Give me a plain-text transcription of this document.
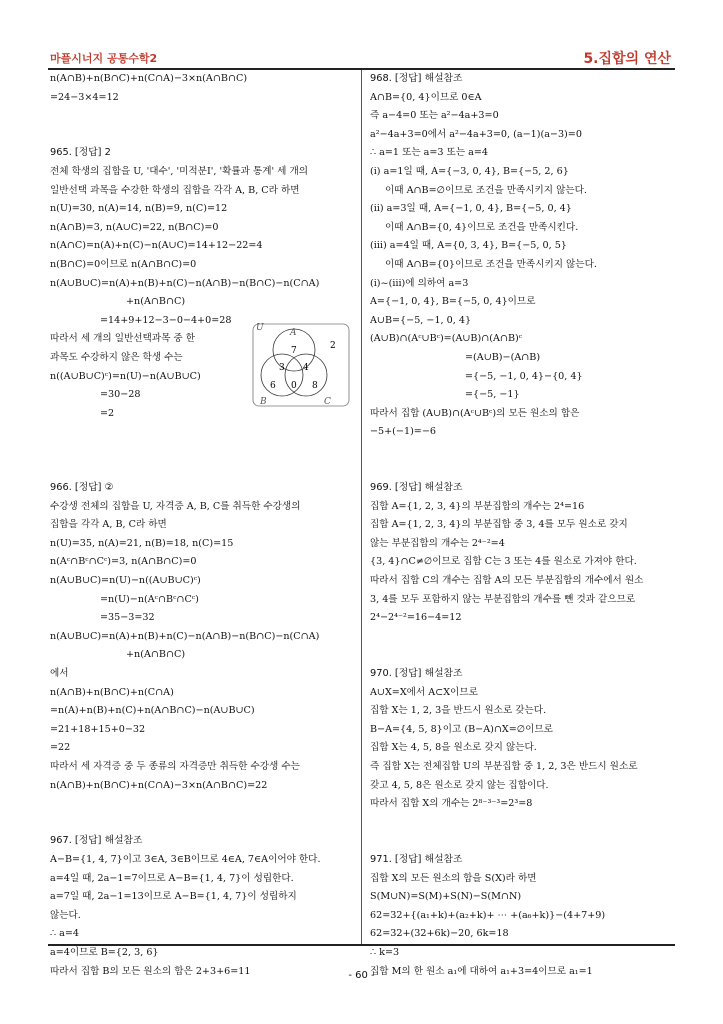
마플시너지 공통수학2	5.집합의 연산
n(A∩B)+n(B∩C)+n(C∩A)−3×n(A∩B∩C)
=24−3×4=12
965. [정답] 2
전체 학생의 집합을 U, '대수', '미적분Ⅰ', '확률과 통계' 세 개의
일반선택 과목을 수강한 학생의 집합을 각각 A, B, C라 하면
n(U)=30, n(A)=14, n(B)=9, n(C)=12
n(A∩B)=3, n(A∪C)=22, n(B∩C)=0
n(A∩C)=n(A)+n(C)−n(A∪C)=14+12−22=4
n(B∩C)=0이므로 n(A∩B∩C)=0
n(A∪B∪C)=n(A)+n(B)+n(C)−n(A∩B)−n(B∩C)−n(C∩A)
+n(A∩B∩C)
=14+9+12−3−0−4+0=28
따라서 세 개의 일반선택과목 중 한
과목도 수강하지 않은 학생 수는
n((A∪B∪C)ᶜ)=n(U)−n(A∪B∪C)
=30−28
=2
966. [정답] ②
수강생 전체의 집합을 U, 자격증 A, B, C를 취득한 수강생의
집합을 각각 A, B, C라 하면
n(U)=35, n(A)=21, n(B)=18, n(C)=15
n(Aᶜ∩Bᶜ∩Cᶜ)=3, n(A∩B∩C)=0
n(A∪B∪C)=n(U)−n((A∪B∪C)ᶜ)
=n(U)−n(Aᶜ∩Bᶜ∩Cᶜ)
=35−3=32
n(A∪B∪C)=n(A)+n(B)+n(C)−n(A∩B)−n(B∩C)−n(C∩A)
+n(A∩B∩C)
에서
n(A∩B)+n(B∩C)+n(C∩A)
=n(A)+n(B)+n(C)+n(A∩B∩C)−n(A∪B∪C)
=21+18+15+0−32
=22
따라서 세 자격증 중 두 종류의 자격증만 취득한 수강생 수는
n(A∩B)+n(B∩C)+n(C∩A)−3×n(A∩B∩C)=22
967. [정답] 해설참조
A−B={1, 4, 7}이고 3∈A, 3∈B이므로 4∈A, 7∈A이어야 한다.
a=4일 때, 2a−1=7이므로 A−B={1, 4, 7}이 성립한다.
a=7일 때, 2a−1=13이므로 A−B={1, 4, 7}이 성립하지
않는다.
∴ a=4
a=4이므로 B={2, 3, 6}
따라서 집합 B의 모든 원소의 합은 2+3+6=11
U	A
B	C
7	2
3 4
6 0 8
968. [정답] 해설참조
A∩B={0, 4}이므로 0∈A
즉 a−4=0 또는 a²−4a+3=0
a²−4a+3=0에서 a²−4a+3=0, (a−1)(a−3)=0
∴ a=1 또는 a=3 또는 a=4
(ⅰ) a=1일 때, A={−3, 0, 4}, B={−5, 2, 6}
이때 A∩B=∅이므로 조건을 만족시키지 않는다.
(ⅱ) a=3일 때, A={−1, 0, 4}, B={−5, 0, 4}
이때 A∩B={0, 4}이므로 조건을 만족시킨다.
(ⅲ) a=4일 때, A={0, 3, 4}, B={−5, 0, 5}
이때 A∩B={0}이므로 조건을 만족시키지 않는다.
(ⅰ)~(ⅲ)에 의하여 a=3
A={−1, 0, 4}, B={−5, 0, 4}이므로
A∪B={−5, −1, 0, 4}
(A∪B)∩(Aᶜ∪Bᶜ)=(A∪B)∩(A∩B)ᶜ
=(A∪B)−(A∩B)
={−5, −1, 0, 4}−{0, 4}
={−5, −1}
따라서 집합 (A∪B)∩(Aᶜ∪Bᶜ)의 모든 원소의 합은
−5+(−1)=−6
969. [정답] 해설참조
집합 A={1, 2, 3, 4}의 부분집합의 개수는 2⁴=16
집합 A={1, 2, 3, 4}의 부분집합 중 3, 4를 모두 원소로 갖지
않는 부분집합의 개수는 2⁴⁻²=4
{3, 4}∩C≠∅이므로 집합 C는 3 또는 4를 원소로 가져야 한다.
따라서 집합 C의 개수는 집합 A의 모든 부분집합의 개수에서 원소
3, 4를 모두 포함하지 않는 부분집합의 개수를 뺀 것과 같으므로
2⁴−2⁴⁻²=16−4=12
970. [정답] 해설참조
A∪X=X에서 A⊂X이므로
집합 X는 1, 2, 3을 반드시 원소로 갖는다.
B−A={4, 5, 8}이고 (B−A)∩X=∅이므로
집합 X는 4, 5, 8을 원소로 갖지 않는다.
즉 집합 X는 전체집합 U의 부분집합 중 1, 2, 3은 반드시 원소로
갖고 4, 5, 8은 원소로 갖지 않는 집합이다.
따라서 집합 X의 개수는 2⁸⁻³⁻³=2³=8
971. [정답] 해설참조
집합 X의 모든 원소의 합을 S(X)라 하면
S(M∪N)=S(M)+S(N)−S(M∩N)
62=32+{(a₁+k)+(a₂+k)+ ⋯ +(a₆+k)}−(4+7+9)
62=32+(32+6k)−20, 6k=18
∴ k=3
집합 M의 한 원소 a₁에 대하여 a₁+3=4이므로 a₁=1
- 60 -
